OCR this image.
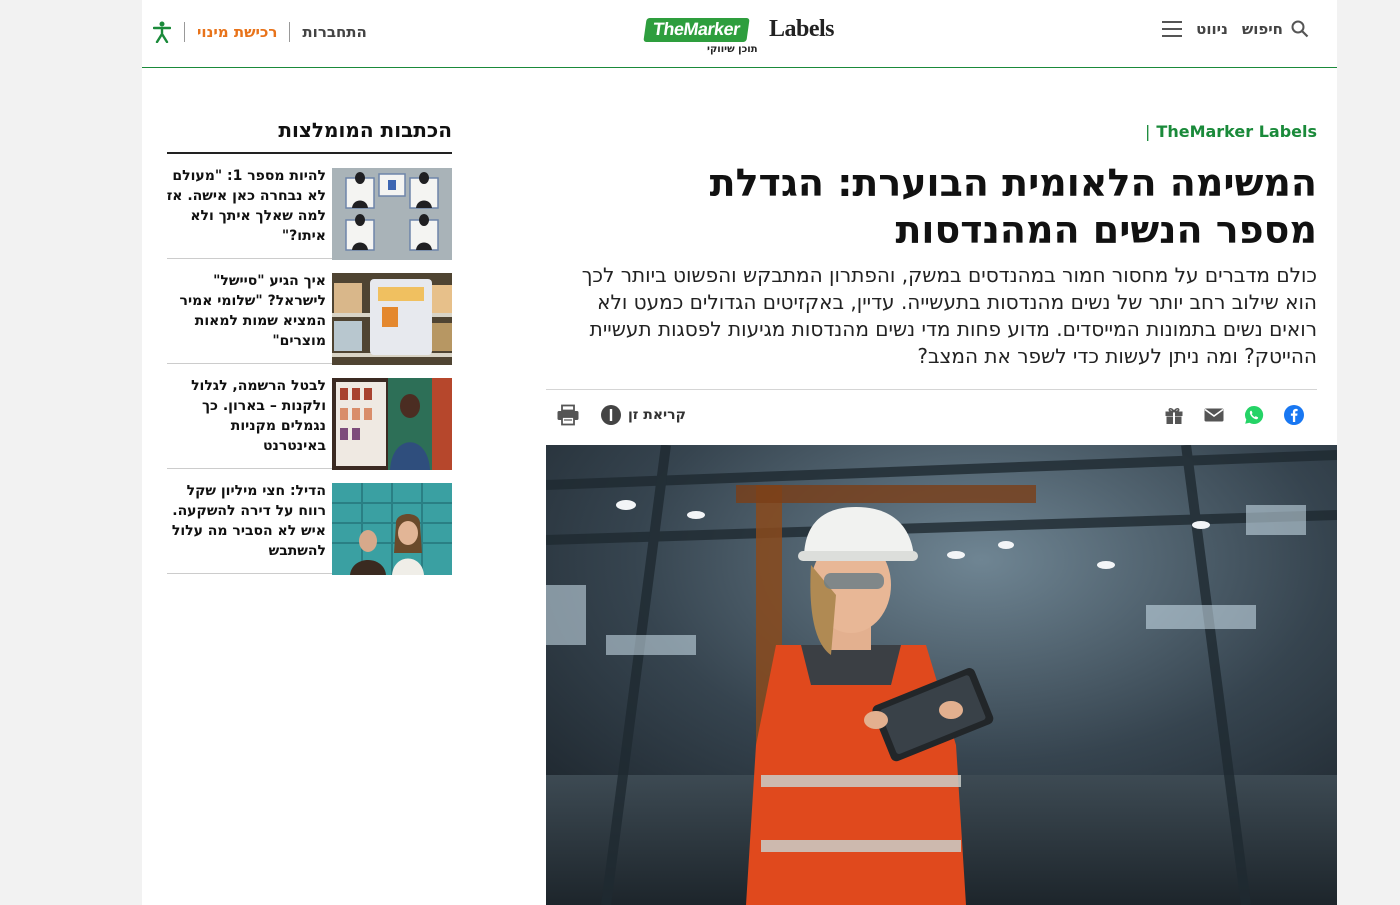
ניווט חיפוש
TheMarker	Labels
תוכן שיווקי
רכישת מינוי התחברות
| TheMarker Labels
המשימה הלאומית הבוערת: הגדלת מספר הנשים המהנדסות

כולם מדברים על מחסור חמור במהנדסים במשק, והפתרון המתבקש והפשוט ביותר לכך הוא שילוב רחב יותר של נשים מהנדסות בתעשייה. עדיין, באקזיטים הגדולים כמעט ולא רואים נשים בתמונות המייסדים. מדוע פחות מדי נשים מהנדסות מגיעות לפסגות תעשיית ההייטק? ומה ניתן לעשות כדי לשפר את המצב?

קריאת זן
הכתבות המומלצות
להיות מספר 1: "מעולם לא נבחרה כאן אישה. אז למה שאלך איתך ולא איתו?"
איך הגיע "סיישל" לישראל? "שלומי אמיר המציא שמות למאות מוצרים"
לבטל הרשמה, לגלול ולקנות – בארון. כך נגמלים מקניות באינטרנט
הדיל: חצי מיליון שקל רווח על דירה להשקעה. איש לא הסביר מה עלול להשתבש
